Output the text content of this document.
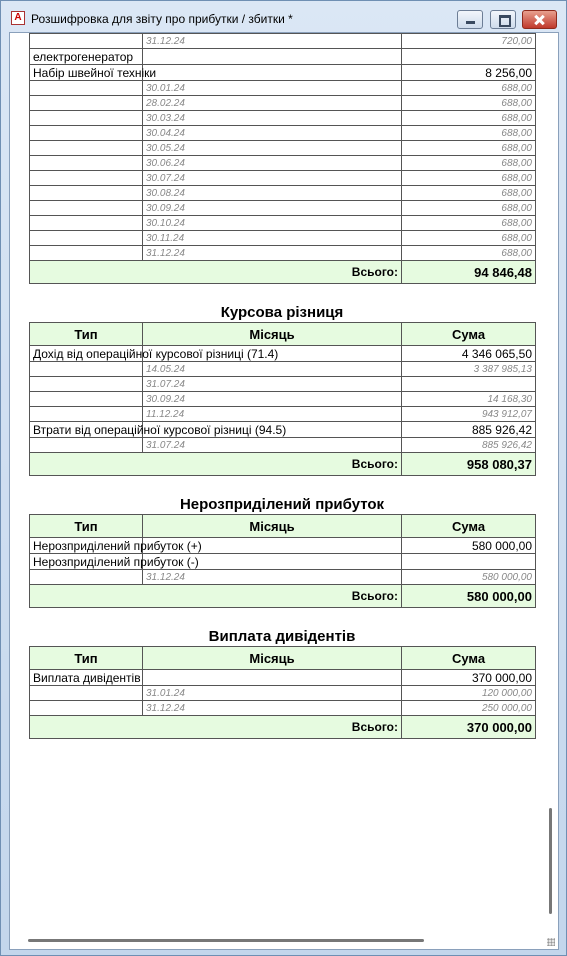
A Розшифровка для звіту про прибутки / збитки *
	31.12.24	720,00
електрогенератор		
Набір швейної техніки		8 256,00
	30.01.24	688,00
	28.02.24	688,00
	30.03.24	688,00
	30.04.24	688,00
	30.05.24	688,00
	30.06.24	688,00
	30.07.24	688,00
	30.08.24	688,00
	30.09.24	688,00
	30.10.24	688,00
	30.11.24	688,00
	31.12.24	688,00
Всього:		94 846,48
Курсова різниця
Тип	Місяць	Сума
Дохід від операційної курсової різниці (71.4)		4 346 065,50
	14.05.24	3 387 985,13
	31.07.24	
	30.09.24	14 168,30
	11.12.24	943 912,07
Втрати від операційної курсової різниці (94.5)		885 926,42
	31.07.24	885 926,42
Всього:		958 080,37
Нерозприділений прибуток
Тип	Місяць	Сума
Нерозприділений прибуток (+)		580 000,00
Нерозприділений прибуток (-)		
	31.12.24	580 000,00
Всього:		580 000,00
Виплата дивідентів
Тип	Місяць	Сума
Виплата дивідентів		370 000,00
	31.01.24	120 000,00
	31.12.24	250 000,00
Всього:		370 000,00
